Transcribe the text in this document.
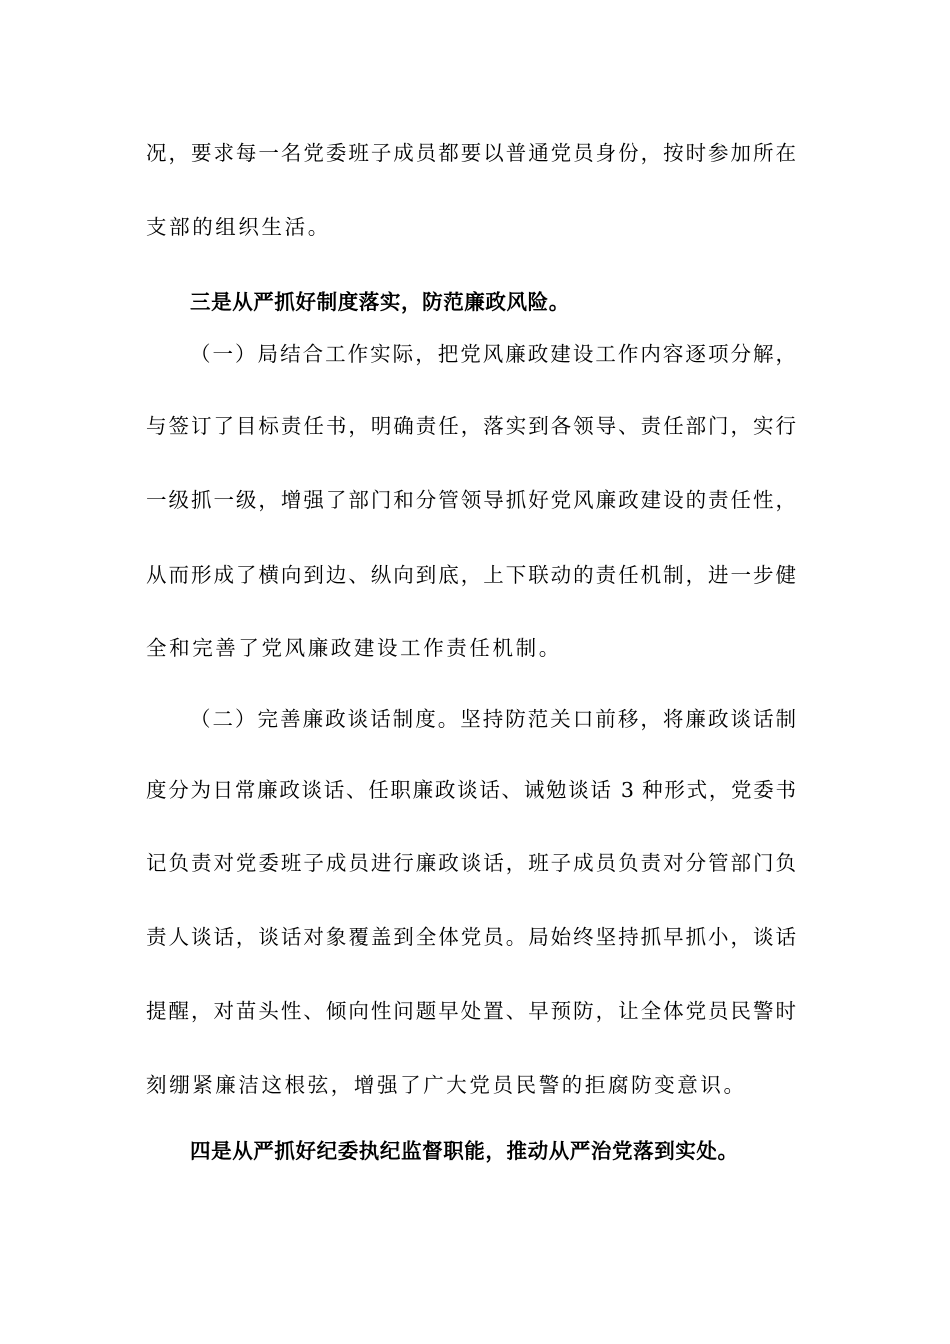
况，要求每一名党委班子成员都要以普通党员身份，按时参加所在
支部的组织生活。
三是从严抓好制度落实，防范廉政风险。
（一）局结合工作实际，把党风廉政建设工作内容逐项分解，
与签订了目标责任书，明确责任，落实到各领导、责任部门，实行
一级抓一级，增强了部门和分管领导抓好党风廉政建设的责任性，
从而形成了横向到边、纵向到底，上下联动的责任机制，进一步健
全和完善了党风廉政建设工作责任机制。
（二）完善廉政谈话制度。坚持防范关口前移，将廉政谈话制
度分为日常廉政谈话、任职廉政谈话、诫勉谈话 3 种形式，党委书
记负责对党委班子成员进行廉政谈话，班子成员负责对分管部门负
责人谈话，谈话对象覆盖到全体党员。局始终坚持抓早抓小，谈话
提醒，对苗头性、倾向性问题早处置、早预防，让全体党员民警时
刻绷紧廉洁这根弦，增强了广大党员民警的拒腐防变意识。
四是从严抓好纪委执纪监督职能，推动从严治党落到实处。
